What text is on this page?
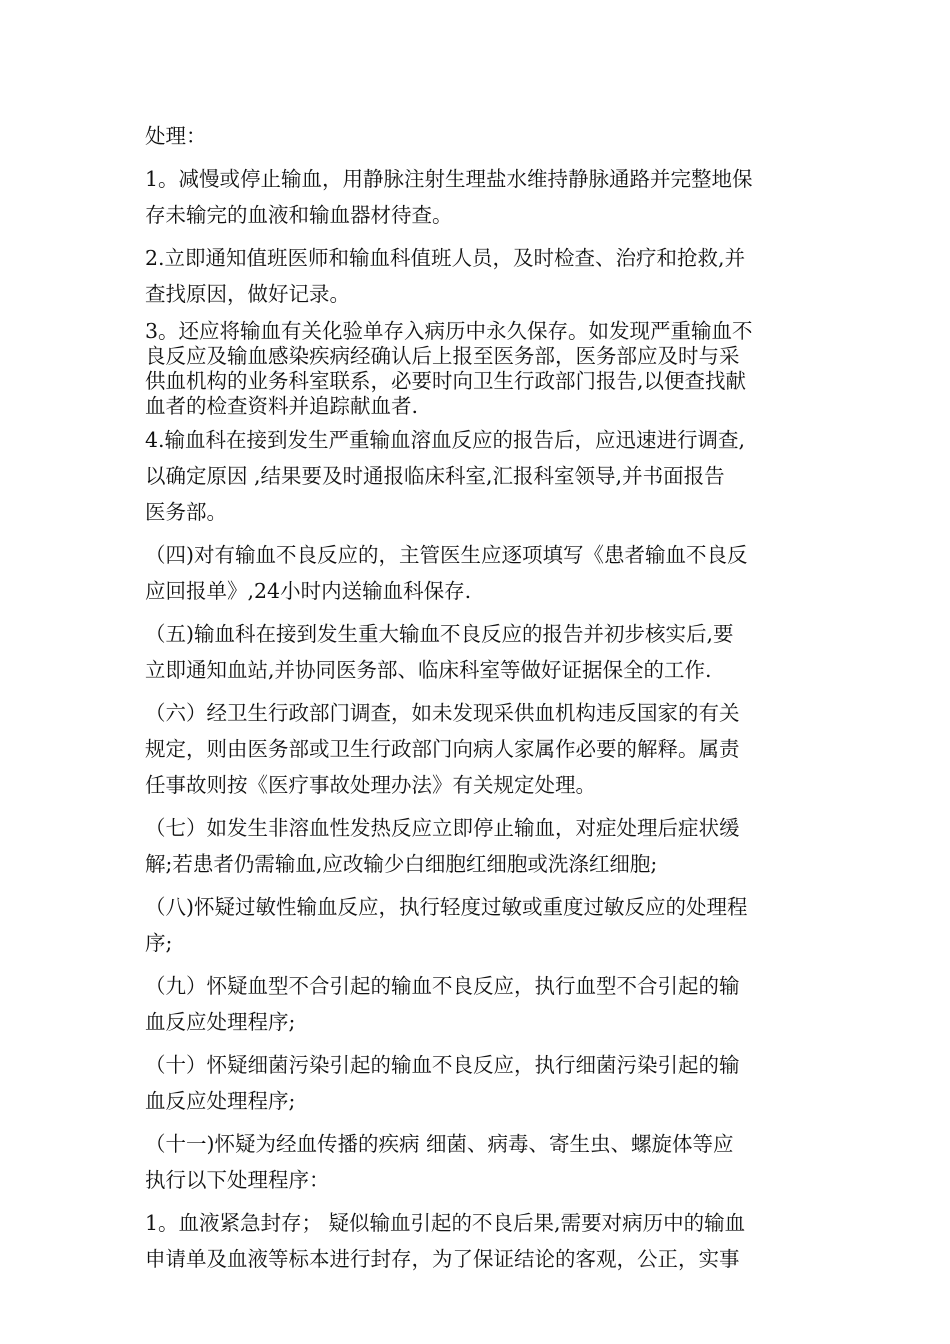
处理：

1。减慢或停止输血，用静脉注射生理盐水维持静脉通路并完整地保
存未输完的血液和输血器材待查。

2.立即通知值班医师和输血科值班人员，及时检查、治疗和抢救,并
查找原因，做好记录。

3。还应将输血有关化验单存入病历中永久保存。如发现严重输血不
良反应及输血感染疾病经确认后上报至医务部，医务部应及时与采
供血机构的业务科室联系，必要时向卫生行政部门报告,以便查找献
血者的检查资料并追踪献血者.

4.输血科在接到发生严重输血溶血反应的报告后，应迅速进行调查,
以确定原因 ,结果要及时通报临床科室,汇报科室领导,并书面报告
医务部。

（四)对有输血不良反应的，主管医生应逐项填写《患者输血不良反
应回报单》,24小时内送输血科保存.

（五)输血科在接到发生重大输血不良反应的报告并初步核实后,要
立即通知血站,并协同医务部、临床科室等做好证据保全的工作.

（六）经卫生行政部门调查，如未发现采供血机构违反国家的有关
规定，则由医务部或卫生行政部门向病人家属作必要的解释。属责
任事故则按《医疗事故处理办法》有关规定处理。

（七）如发生非溶血性发热反应立即停止输血，对症处理后症状缓
解;若患者仍需输血,应改输少白细胞红细胞或洗涤红细胞;

（八)怀疑过敏性输血反应，执行轻度过敏或重度过敏反应的处理程
序;

（九）怀疑血型不合引起的输血不良反应，执行血型不合引起的输
血反应处理程序;

（十）怀疑细菌污染引起的输血不良反应，执行细菌污染引起的输
血反应处理程序;

（十一)怀疑为经血传播的疾病 细菌、病毒、寄生虫、螺旋体等应
执行以下处理程序：

1。血液紧急封存； 疑似输血引起的不良后果,需要对病历中的输血
申请单及血液等标本进行封存，为了保证结论的客观，公正，实事
